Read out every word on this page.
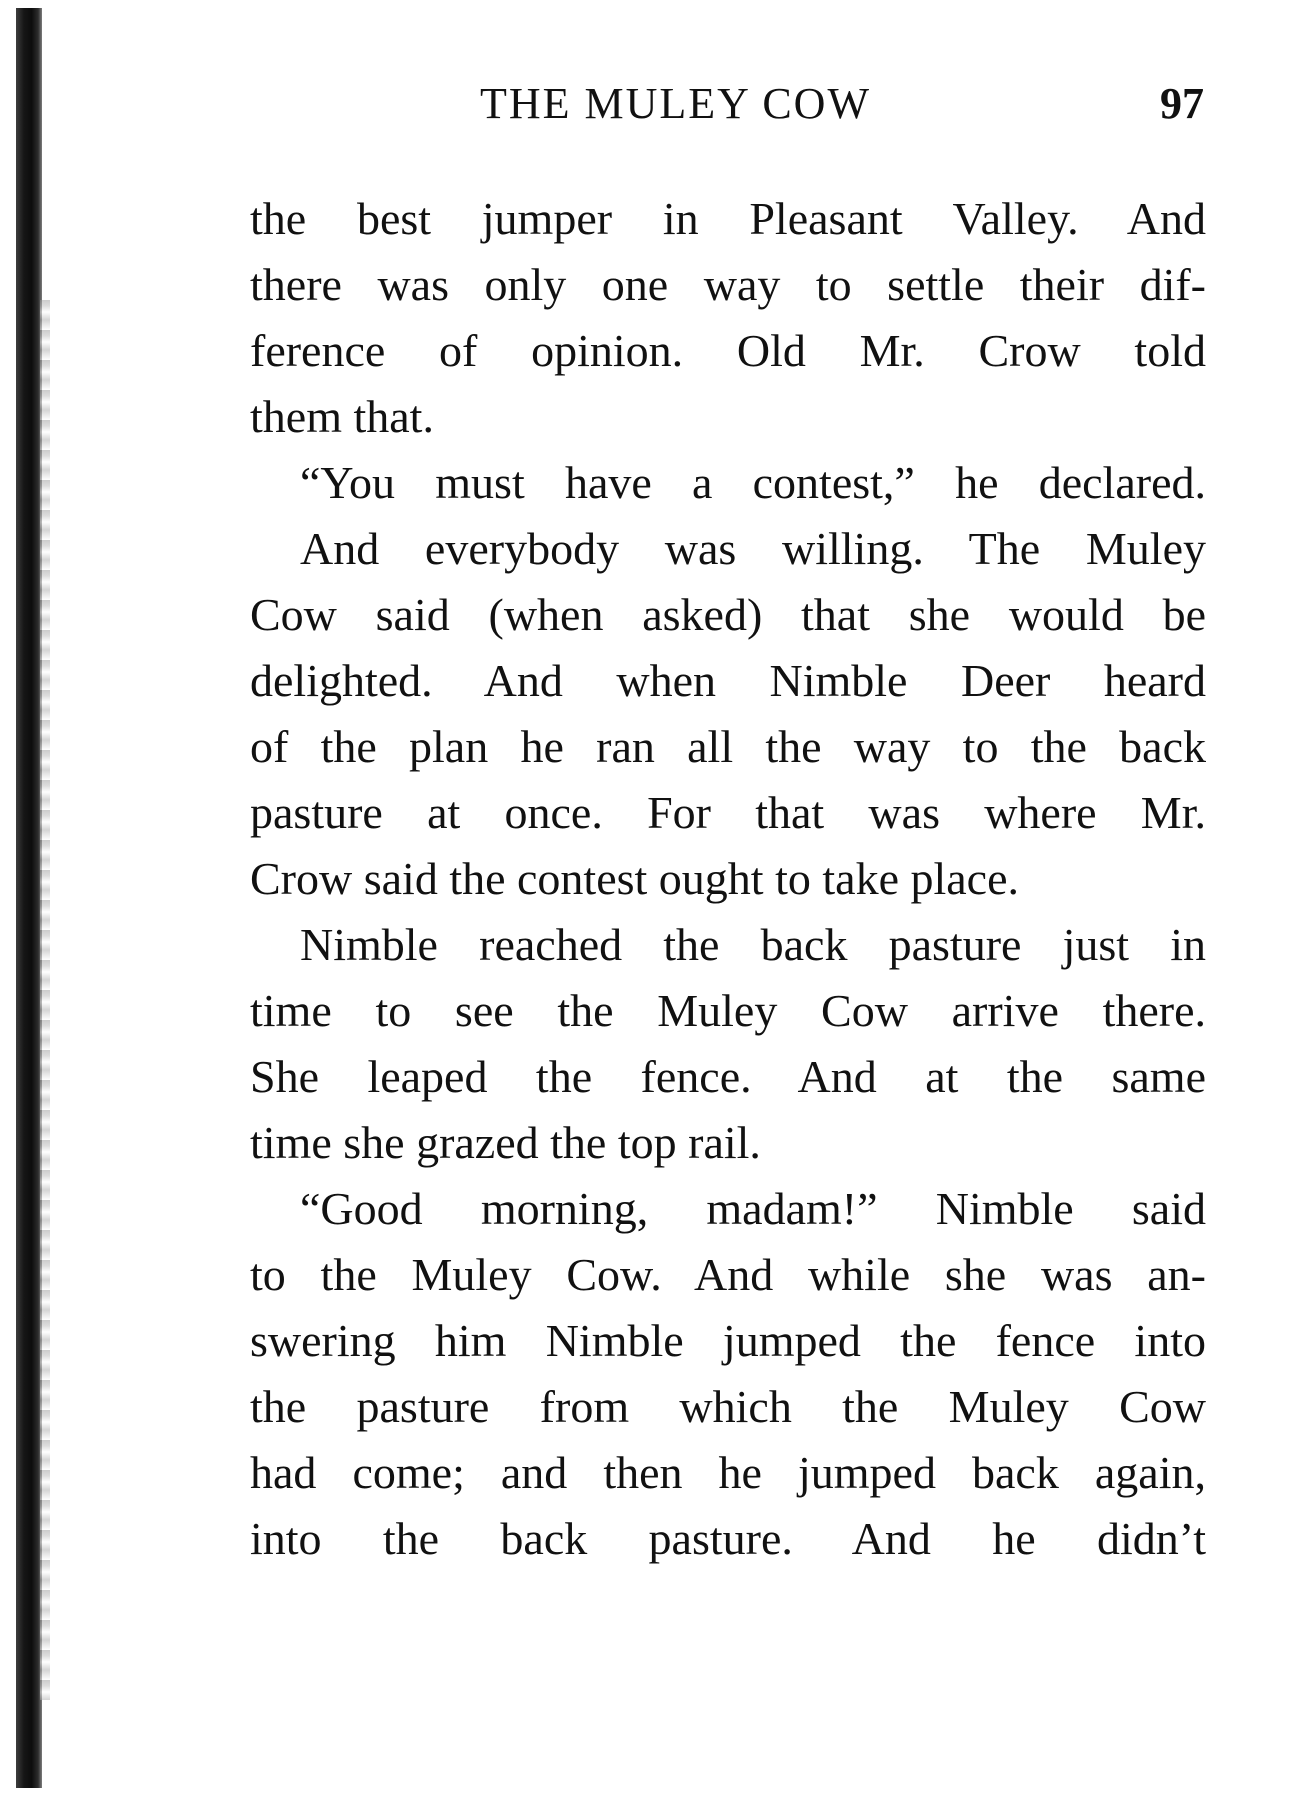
THE MULEY COW	97
the best jumper in Pleasant Valley. And
there was only one way to settle their dif-
ference of opinion. Old Mr. Crow told
them that.
“You must have a contest,” he declared.
And everybody was willing. The Muley
Cow said (when asked) that she would be
delighted. And when Nimble Deer heard
of the plan he ran all the way to the back
pasture at once. For that was where Mr.
Crow said the contest ought to take place.
Nimble reached the back pasture just in
time to see the Muley Cow arrive there.
She leaped the fence. And at the same
time she grazed the top rail.
“Good morning, madam!” Nimble said
to the Muley Cow. And while she was an-
swering him Nimble jumped the fence into
the pasture from which the Muley Cow
had come; and then he jumped back again,
into the back pasture. And he didn’t
